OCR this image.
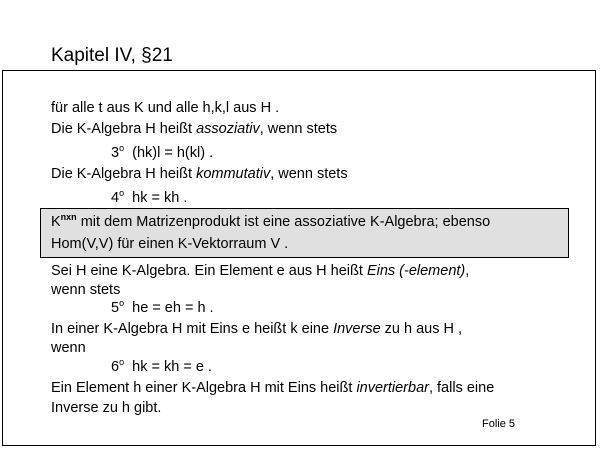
Kapitel IV, §21
für alle t aus K und alle h,k,l aus H .
Die K-Algebra H heißt assoziativ, wenn stets
3$^o$  (hk)l = h(kl) .
Die K-Algebra H heißt kommutativ, wenn stets
4$^o$  hk = kh .
$K^{nxn}$ mit dem Matrizenprodukt ist eine assoziative K-Algebra; ebenso
Hom(V,V) für einen K-Vektorraum V .
Sei H eine K-Algebra. Ein Element e aus H heißt Eins (-element),
wenn stets
5$^o$  he = eh = h .
In einer K-Algebra H mit Eins e heißt k eine Inverse zu h aus H ,
wenn
6$^o$  hk = kh = e .
Ein Element h einer K-Algebra H mit Eins heißt invertierbar, falls eine
Inverse zu h gibt.
Folie 5
